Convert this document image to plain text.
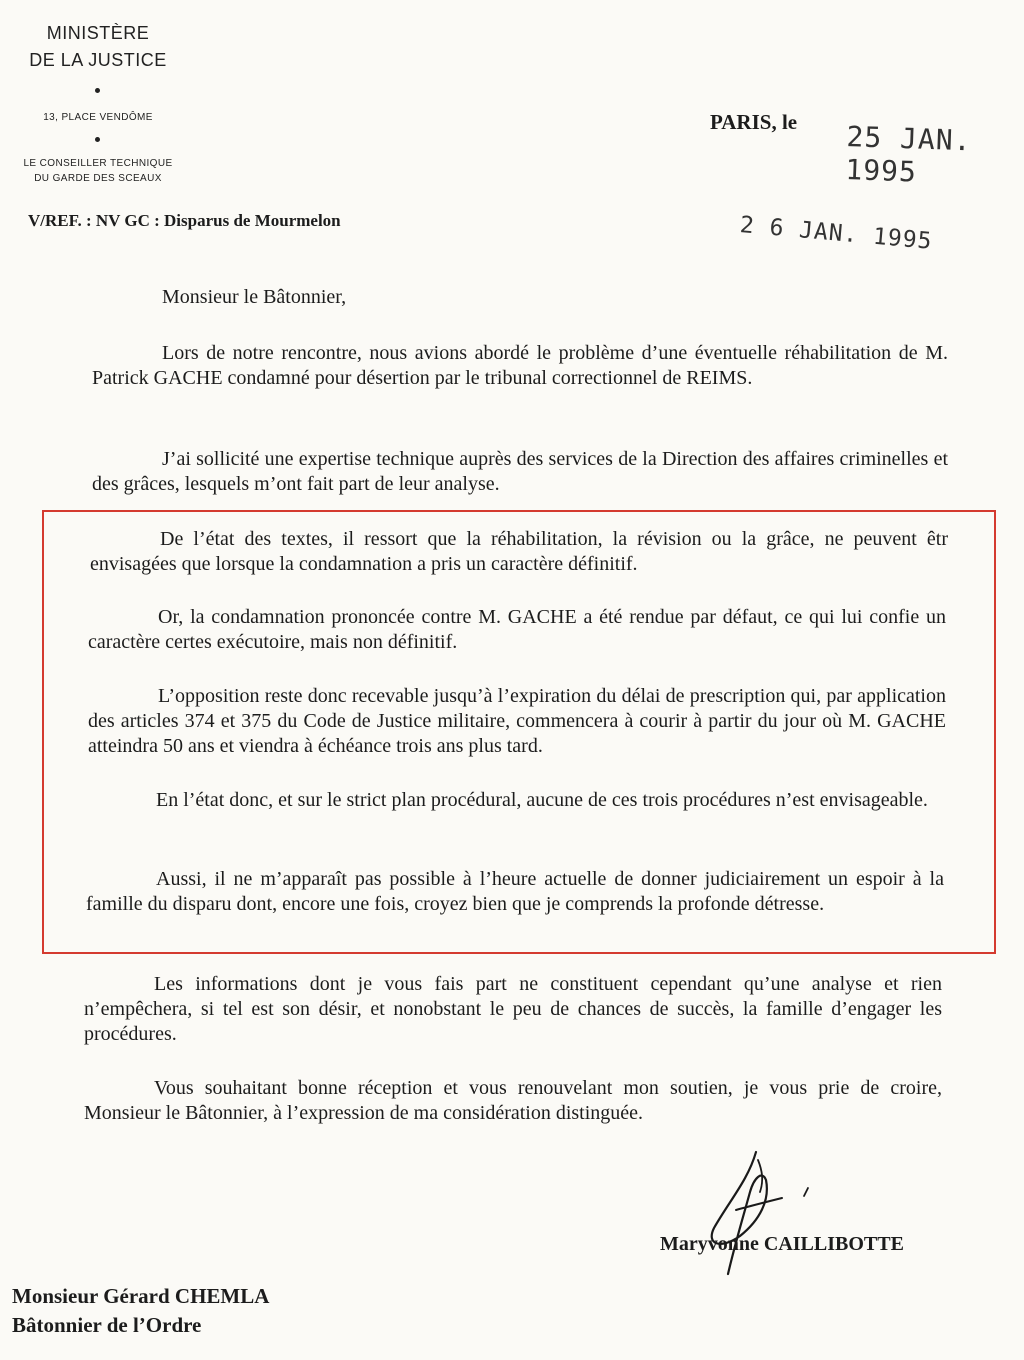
MINISTÈRE
DE LA JUSTICE
13, PLACE VENDÔME
LE CONSEILLER TECHNIQUE
DU GARDE DES SCEAUX
PARIS, le 25 JAN. 1995
2 6 JAN. 1995
V/REF. : NV GC : Disparus de Mourmelon
Monsieur le Bâtonnier,

Lors de notre rencontre, nous avions abordé le problème d’une éventuelle réhabilitation de M. Patrick GACHE condamné pour désertion par le tribunal correctionnel de REIMS.

J’ai sollicité une expertise technique auprès des services de la Direction des affaires criminelles et des grâces, lesquels m’ont fait part de leur analyse.

De l’état des textes, il ressort que la réhabilitation, la révision ou la grâce, ne peuvent êtr envisagées que lorsque la condamnation a pris un caractère définitif.

Or, la condamnation prononcée contre M. GACHE a été rendue par défaut, ce qui lui confie un caractère certes exécutoire, mais non définitif.

L’opposition reste donc recevable jusqu’à l’expiration du délai de prescription qui, par application des articles 374 et 375 du Code de Justice militaire, commencera à courir à partir du jour où M. GACHE atteindra 50 ans et viendra à échéance trois ans plus tard.

En l’état donc, et sur le strict plan procédural, aucune de ces trois procédures n’est envisageable.

Aussi, il ne m’apparaît pas possible à l’heure actuelle de donner judiciairement un espoir à la famille du disparu dont, encore une fois, croyez bien que je comprends la profonde détresse.

Les informations dont je vous fais part ne constituent cependant qu’une analyse et rien n’empêchera, si tel est son désir, et nonobstant le peu de chances de succès, la famille d’engager les procédures.

Vous souhaitant bonne réception et vous renouvelant mon soutien, je vous prie de croire, Monsieur le Bâtonnier, à l’expression de ma considération distinguée.

Maryvonne CAILLIBOTTE
Monsieur Gérard CHEMLA
Bâtonnier de l’Ordre
